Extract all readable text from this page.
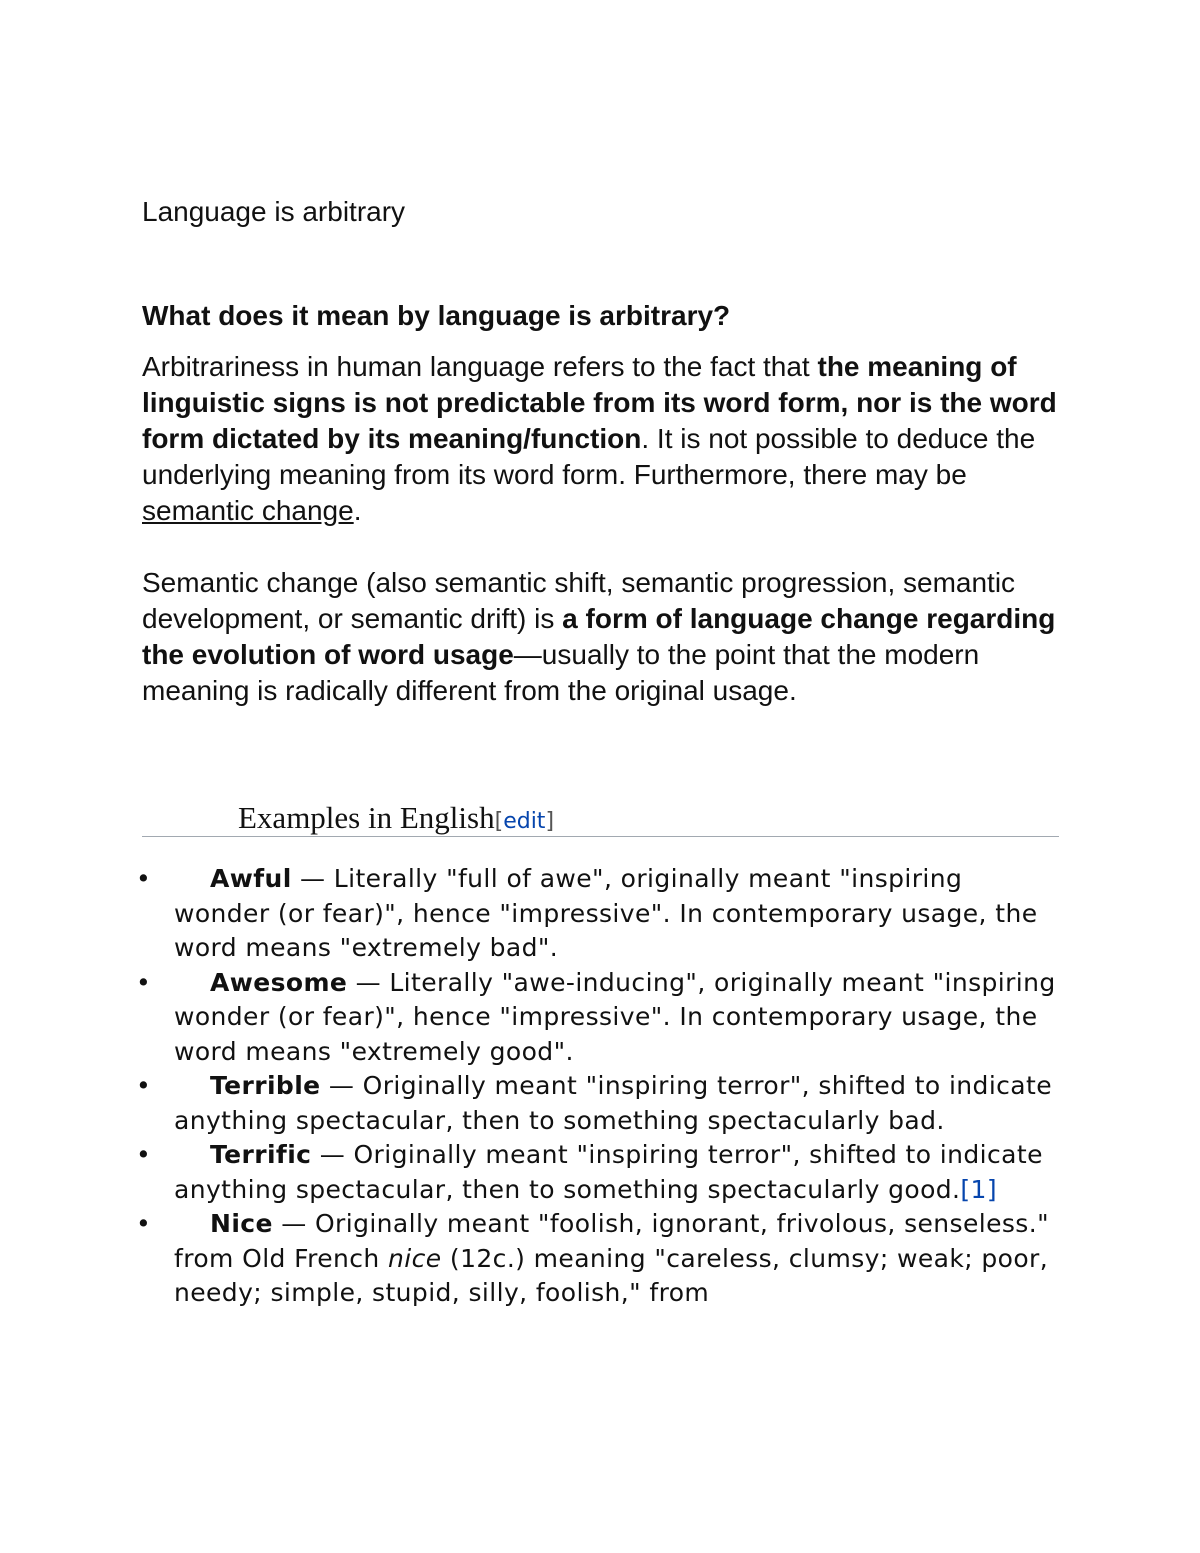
Language is arbitrary
What does it mean by language is arbitrary?

Arbitrariness in human language refers to the fact that the meaning of linguistic signs is not predictable from its word form, nor is the word form dictated by its meaning/function. It is not possible to deduce the underlying meaning from its word form. Furthermore, there may be semantic change.

Semantic change (also semantic shift, semantic progression, semantic development, or semantic drift) is a form of language change regarding the evolution of word usage—usually to the point that the modern meaning is radically different from the original usage.

Examples in English[edit]
• Awful — Literally "full of awe", originally meant "inspiring wonder (or fear)", hence "impressive". In contemporary usage, the word means "extremely bad".
• Awesome — Literally "awe-inducing", originally meant "inspiring wonder (or fear)", hence "impressive". In contemporary usage, the word means "extremely good".
• Terrible — Originally meant "inspiring terror", shifted to indicate anything spectacular, then to something spectacularly bad.
• Terrific — Originally meant "inspiring terror", shifted to indicate anything spectacular, then to something spectacularly good.[1]
• Nice — Originally meant "foolish, ignorant, frivolous, senseless." from Old French nice (12c.) meaning "careless, clumsy; weak; poor, needy; simple, stupid, silly, foolish," from
